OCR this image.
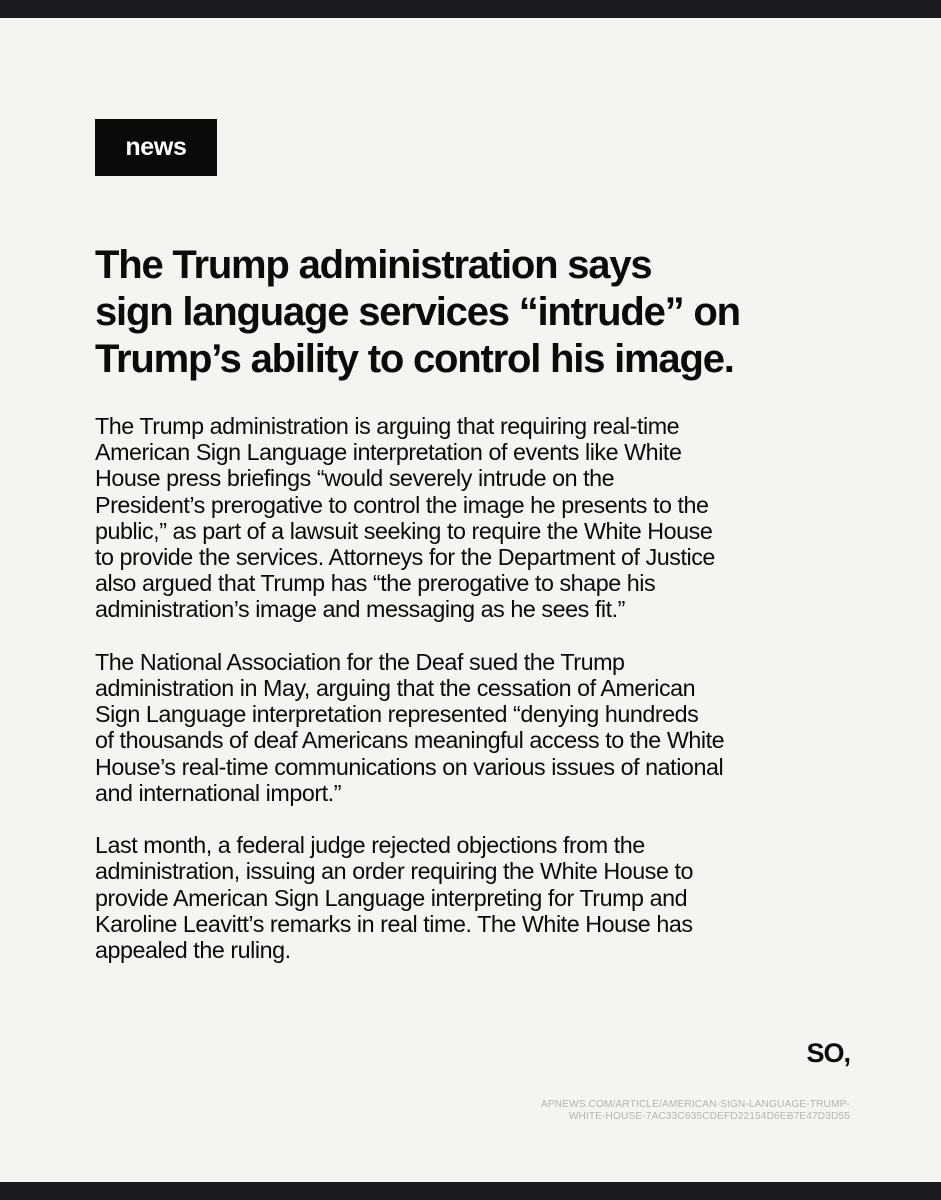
news
The Trump administration says
sign language services “intrude” on
Trump’s ability to control his image.

The Trump administration is arguing that requiring real-time
American Sign Language interpretation of events like White
House press briefings “would severely intrude on the
President’s prerogative to control the image he presents to the
public,” as part of a lawsuit seeking to require the White House
to provide the services. Attorneys for the Department of Justice
also argued that Trump has “the prerogative to shape his
administration’s image and messaging as he sees fit.”

The National Association for the Deaf sued the Trump
administration in May, arguing that the cessation of American
Sign Language interpretation represented “denying hundreds
of thousands of deaf Americans meaningful access to the White
House’s real-time communications on various issues of national
and international import.”

Last month, a federal judge rejected objections from the
administration, issuing an order requiring the White House to
provide American Sign Language interpreting for Trump and
Karoline Leavitt’s remarks in real time. The White House has
appealed the ruling.

SO,
APNEWS.COM/ARTICLE/AMERICAN-SIGN-LANGUAGE-TRUMP-
WHITE-HOUSE-7AC33C635CDEFD22154D6EB7E47D3D55
